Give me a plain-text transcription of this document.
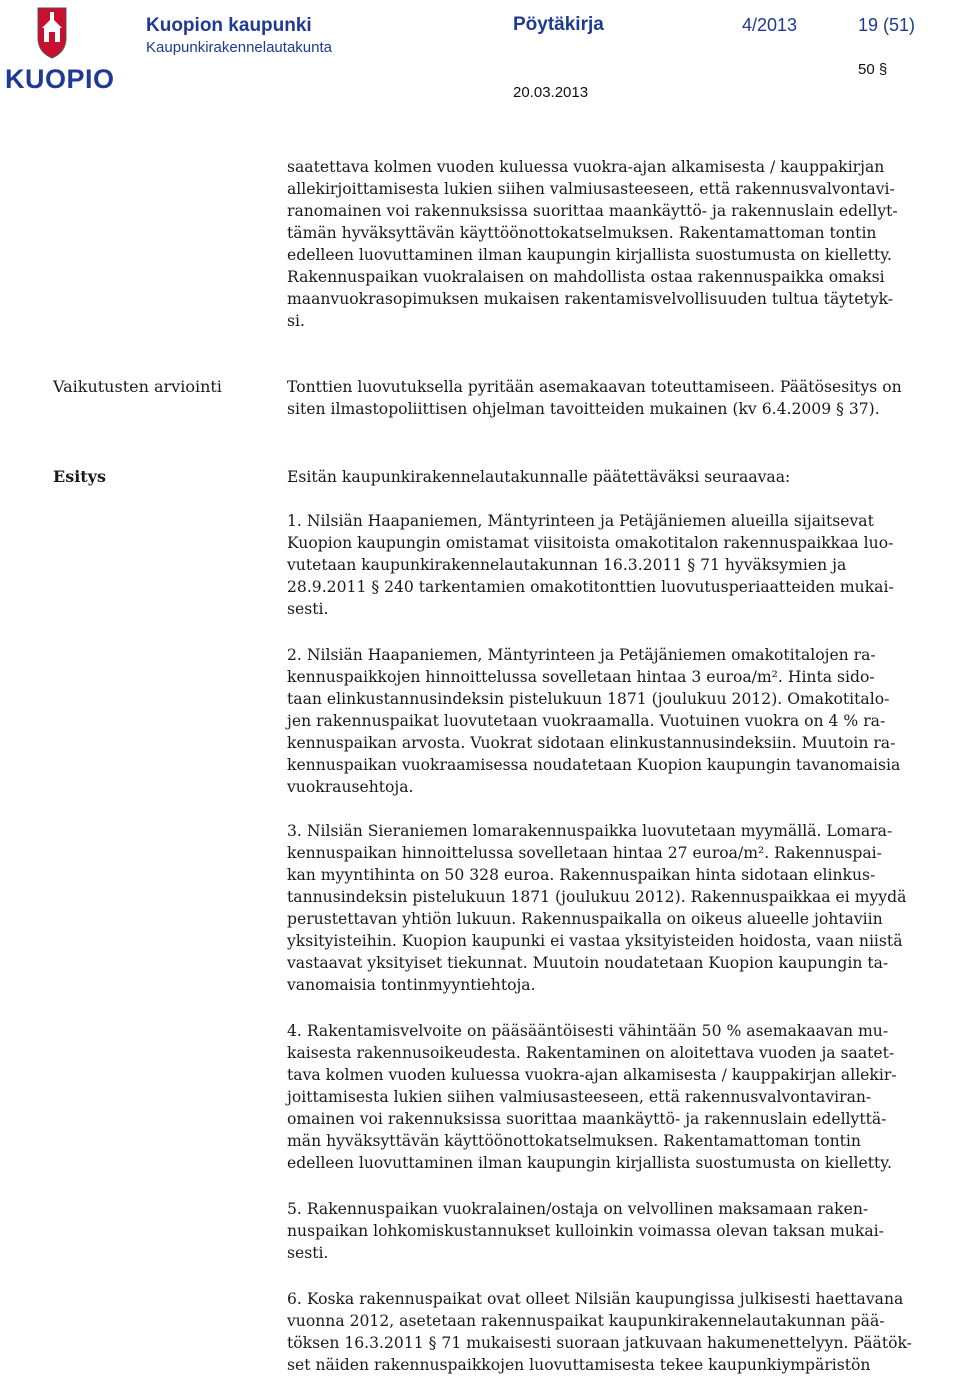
KUOPIO
Kuopion kaupunki
Kaupunkirakennelautakunta
Pöytäkirja	4/2013	19 (51)
50 §
20.03.2013

saatettava kolmen vuoden kuluessa vuokra-ajan alkamisesta / kauppakirjan

allekirjoittamisesta lukien siihen valmiusasteeseen, että rakennusvalvontavi-

ranomainen voi rakennuksissa suorittaa maankäyttö- ja rakennuslain edellyt-

tämän hyväksyttävän käyttöönottokatselmuksen. Rakentamattoman tontin

edelleen luovuttaminen ilman kaupungin kirjallista suostumusta on kielletty.

Rakennuspaikan vuokralaisen on mahdollista ostaa rakennuspaikka omaksi

maanvuokrasopimuksen mukaisen rakentamisvelvollisuuden tultua täytetyk-

si.

Vaikutusten arviointi	Tonttien luovutuksella pyritään asemakaavan toteuttamiseen. Päätösesitys on

siten ilmastopoliittisen ohjelman tavoitteiden mukainen (kv 6.4.2009 § 37).

Esitys	Esitän kaupunkirakennelautakunnalle päätettäväksi seuraavaa:

1. Nilsiän Haapaniemen, Mäntyrinteen ja Petäjäniemen alueilla sijaitsevat

Kuopion kaupungin omistamat viisitoista omakotitalon rakennuspaikkaa luo-

vutetaan kaupunkirakennelautakunnan 16.3.2011 § 71 hyväksymien ja

28.9.2011 § 240 tarkentamien omakotitonttien luovutusperiaatteiden mukai-

sesti.

2. Nilsiän Haapaniemen, Mäntyrinteen ja Petäjäniemen omakotitalojen ra-

kennuspaikkojen hinnoittelussa sovelletaan hintaa 3 euroa/m². Hinta sido-

taan elinkustannusindeksin pistelukuun 1871 (joulukuu 2012). Omakotitalo-

jen rakennuspaikat luovutetaan vuokraamalla. Vuotuinen vuokra on 4 % ra-

kennuspaikan arvosta. Vuokrat sidotaan elinkustannusindeksiin. Muutoin ra-

kennuspaikan vuokraamisessa noudatetaan Kuopion kaupungin tavanomaisia

vuokrausehtoja.

3. Nilsiän Sieraniemen lomarakennuspaikka luovutetaan myymällä. Lomara-

kennuspaikan hinnoittelussa sovelletaan hintaa 27 euroa/m². Rakennuspai-

kan myyntihinta on 50 328 euroa. Rakennuspaikan hinta sidotaan elinkus-

tannusindeksin pistelukuun 1871 (joulukuu 2012). Rakennuspaikkaa ei myydä

perustettavan yhtiön lukuun. Rakennuspaikalla on oikeus alueelle johtaviin

yksityisteihin. Kuopion kaupunki ei vastaa yksityisteiden hoidosta, vaan niistä

vastaavat yksityiset tiekunnat. Muutoin noudatetaan Kuopion kaupungin ta-

vanomaisia tontinmyyntiehtoja.

4. Rakentamisvelvoite on pääsääntöisesti vähintään 50 % asemakaavan mu-

kaisesta rakennusoikeudesta. Rakentaminen on aloitettava vuoden ja saatet-

tava kolmen vuoden kuluessa vuokra-ajan alkamisesta / kauppakirjan allekir-

joittamisesta lukien siihen valmiusasteeseen, että rakennusvalvontaviran-

omainen voi rakennuksissa suorittaa maankäyttö- ja rakennuslain edellyttä-

män hyväksyttävän käyttöönottokatselmuksen. Rakentamattoman tontin

edelleen luovuttaminen ilman kaupungin kirjallista suostumusta on kielletty.

5. Rakennuspaikan vuokralainen/ostaja on velvollinen maksamaan raken-

nuspaikan lohkomiskustannukset kulloinkin voimassa olevan taksan mukai-

sesti.

6. Koska rakennuspaikat ovat olleet Nilsiän kaupungissa julkisesti haettavana

vuonna 2012, asetetaan rakennuspaikat kaupunkirakennelautakunnan pää-

töksen 16.3.2011 § 71 mukaisesti suoraan jatkuvaan hakumenettelyyn. Päätök-

set näiden rakennuspaikkojen luovuttamisesta tekee kaupunkiympäristön
